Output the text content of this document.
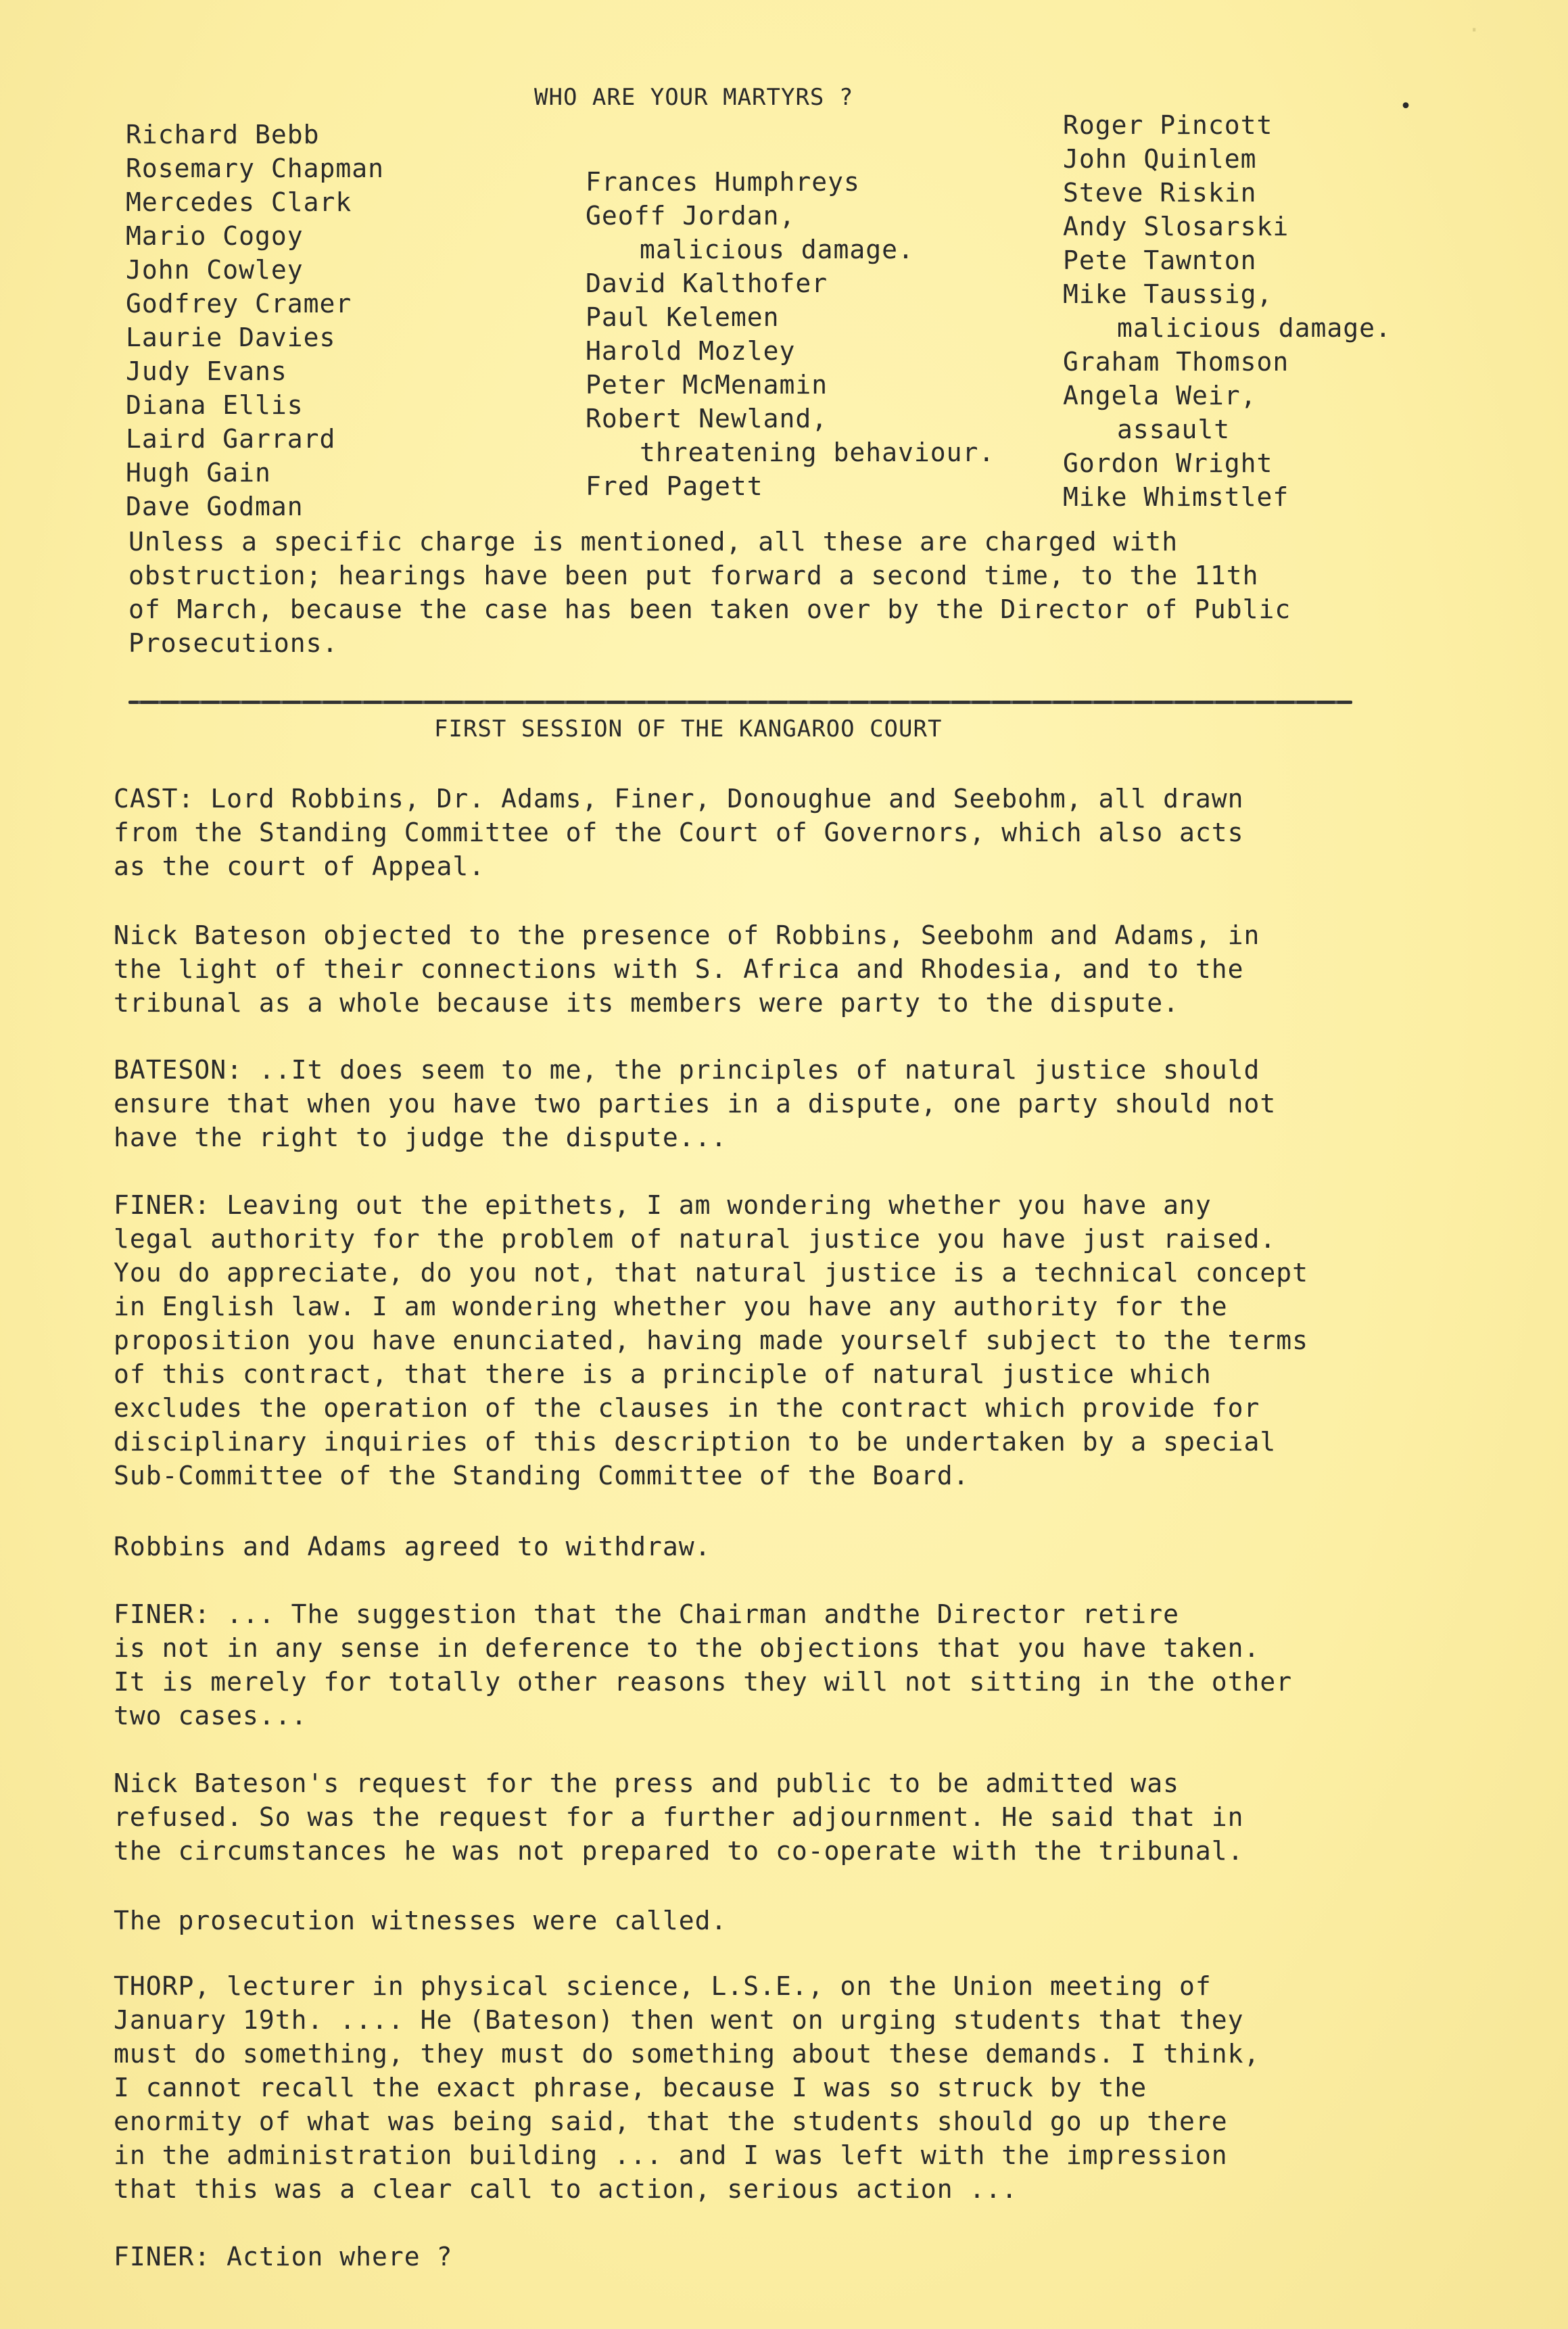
·
WHO ARE YOUR MARTYRS ?	•
Richard Bebb
Rosemary Chapman
Mercedes Clark
Mario Cogoy
John Cowley
Godfrey Cramer
Laurie Davies
Judy Evans
Diana Ellis
Laird Garrard
Hugh Gain
Dave Godman
Frances Humphreys
Geoff Jordan,
malicious damage.
David Kalthofer
Paul Kelemen
Harold Mozley
Peter McMenamin
Robert Newland,
threatening behaviour.
Fred Pagett
Roger Pincott
John Quinlem
Steve Riskin
Andy Slosarski
Pete Tawnton
Mike Taussig,
malicious damage.
Graham Thomson
Angela Weir,
assault
Gordon Wright
Mike Whimstlef
Unless a specific charge is mentioned, all these are charged with
obstruction; hearings have been put forward a second time, to the 11th
of March, because the case has been taken over by the Director of Public
Prosecutions.
FIRST SESSION OF THE KANGAROO COURT
CAST: Lord Robbins, Dr. Adams, Finer, Donoughue and Seebohm, all drawn
from the Standing Committee of the Court of Governors, which also acts
as the court of Appeal.
Nick Bateson objected to the presence of Robbins, Seebohm and Adams, in
the light of their connections with S. Africa and Rhodesia, and to the
tribunal as a whole because its members were party to the dispute.
BATESON: ..It does seem to me, the principles of natural justice should
ensure that when you have two parties in a dispute, one party should not
have the right to judge the dispute...
FINER: Leaving out the epithets, I am wondering whether you have any
legal authority for the problem of natural justice you have just raised.
You do appreciate, do you not, that natural justice is a technical concept
in English law. I am wondering whether you have any authority for the
proposition you have enunciated, having made yourself subject to the terms
of this contract, that there is a principle of natural justice which
excludes the operation of the clauses in the contract which provide for
disciplinary inquiries of this description to be undertaken by a special
Sub-Committee of the Standing Committee of the Board.
Robbins and Adams agreed to withdraw.
FINER: ... The suggestion that the Chairman andthe Director retire
is not in any sense in deference to the objections that you have taken.
It is merely for totally other reasons they will not sitting in the other
two cases...
Nick Bateson's request for the press and public to be admitted was
refused. So was the request for a further adjournment. He said that in
the circumstances he was not prepared to co-operate with the tribunal.
The prosecution witnesses were called.
THORP, lecturer in physical science, L.S.E., on the Union meeting of
January 19th. .... He (Bateson) then went on urging students that they
must do something, they must do something about these demands. I think,
I cannot recall the exact phrase, because I was so struck by the
enormity of what was being said, that the students should go up there
in the administration building ... and I was left with the impression
that this was a clear call to action, serious action ...
FINER: Action where ?
